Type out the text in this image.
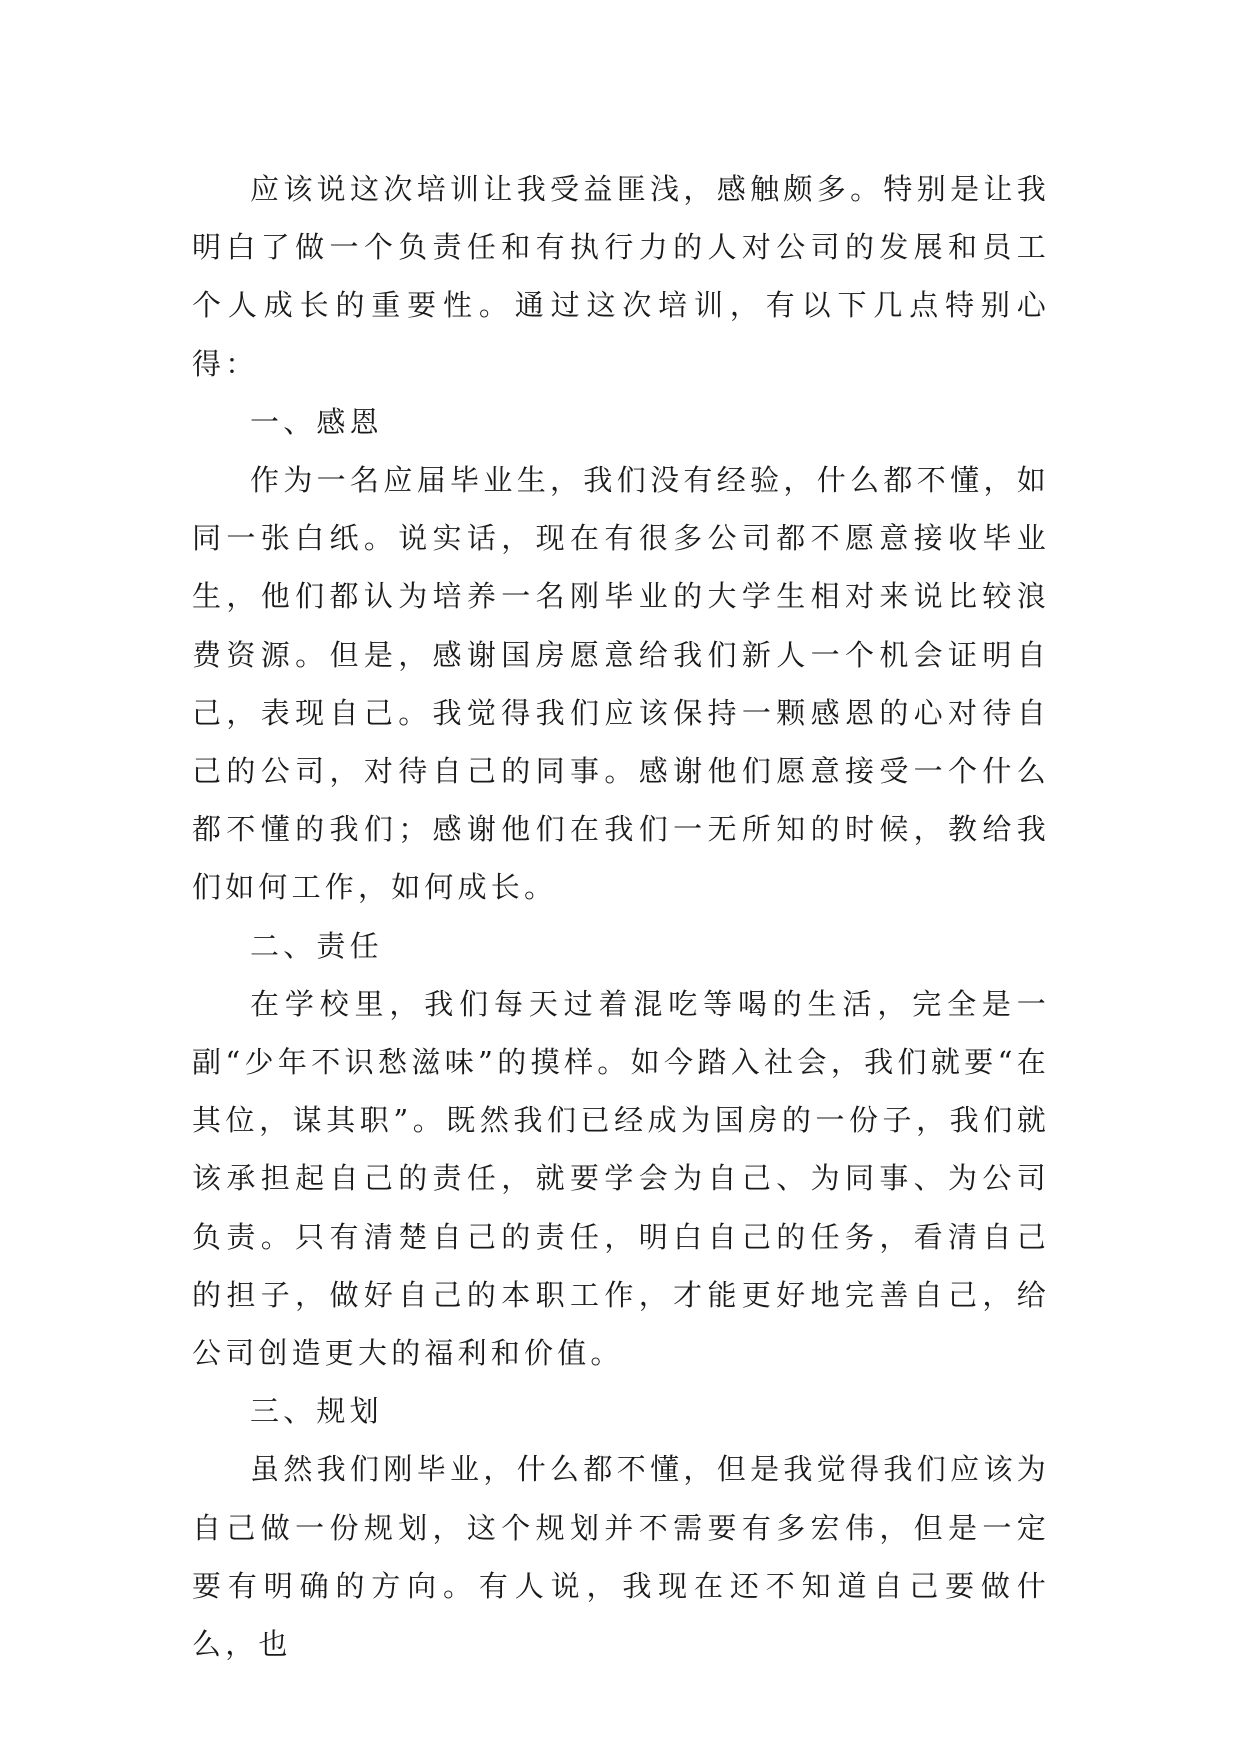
应该说这次培训让我受益匪浅，感触颇多。特别是让我明白了做一个负责任和有执行力的人对公司的发展和员工个人成长的重要性。通过这次培训，有以下几点特别心得：

一、感恩

作为一名应届毕业生，我们没有经验，什么都不懂，如同一张白纸。说实话，现在有很多公司都不愿意接收毕业生，他们都认为培养一名刚毕业的大学生相对来说比较浪费资源。但是，感谢国房愿意给我们新人一个机会证明自己，表现自己。我觉得我们应该保持一颗感恩的心对待自己的公司，对待自己的同事。感谢他们愿意接受一个什么都不懂的我们；感谢他们在我们一无所知的时候，教给我们如何工作，如何成长。

二、责任

在学校里，我们每天过着混吃等喝的生活，完全是一副“少年不识愁滋味”的摸样。如今踏入社会，我们就要“在其位，谋其职”。既然我们已经成为国房的一份子，我们就该承担起自己的责任，就要学会为自己、为同事、为公司负责。只有清楚自己的责任，明白自己的任务，看清自己的担子，做好自己的本职工作，才能更好地完善自己，给公司创造更大的福利和价值。

三、规划

虽然我们刚毕业，什么都不懂，但是我觉得我们应该为自己做一份规划，这个规划并不需要有多宏伟，但是一定要有明确的方向。有人说，我现在还不知道自己要做什么，也
